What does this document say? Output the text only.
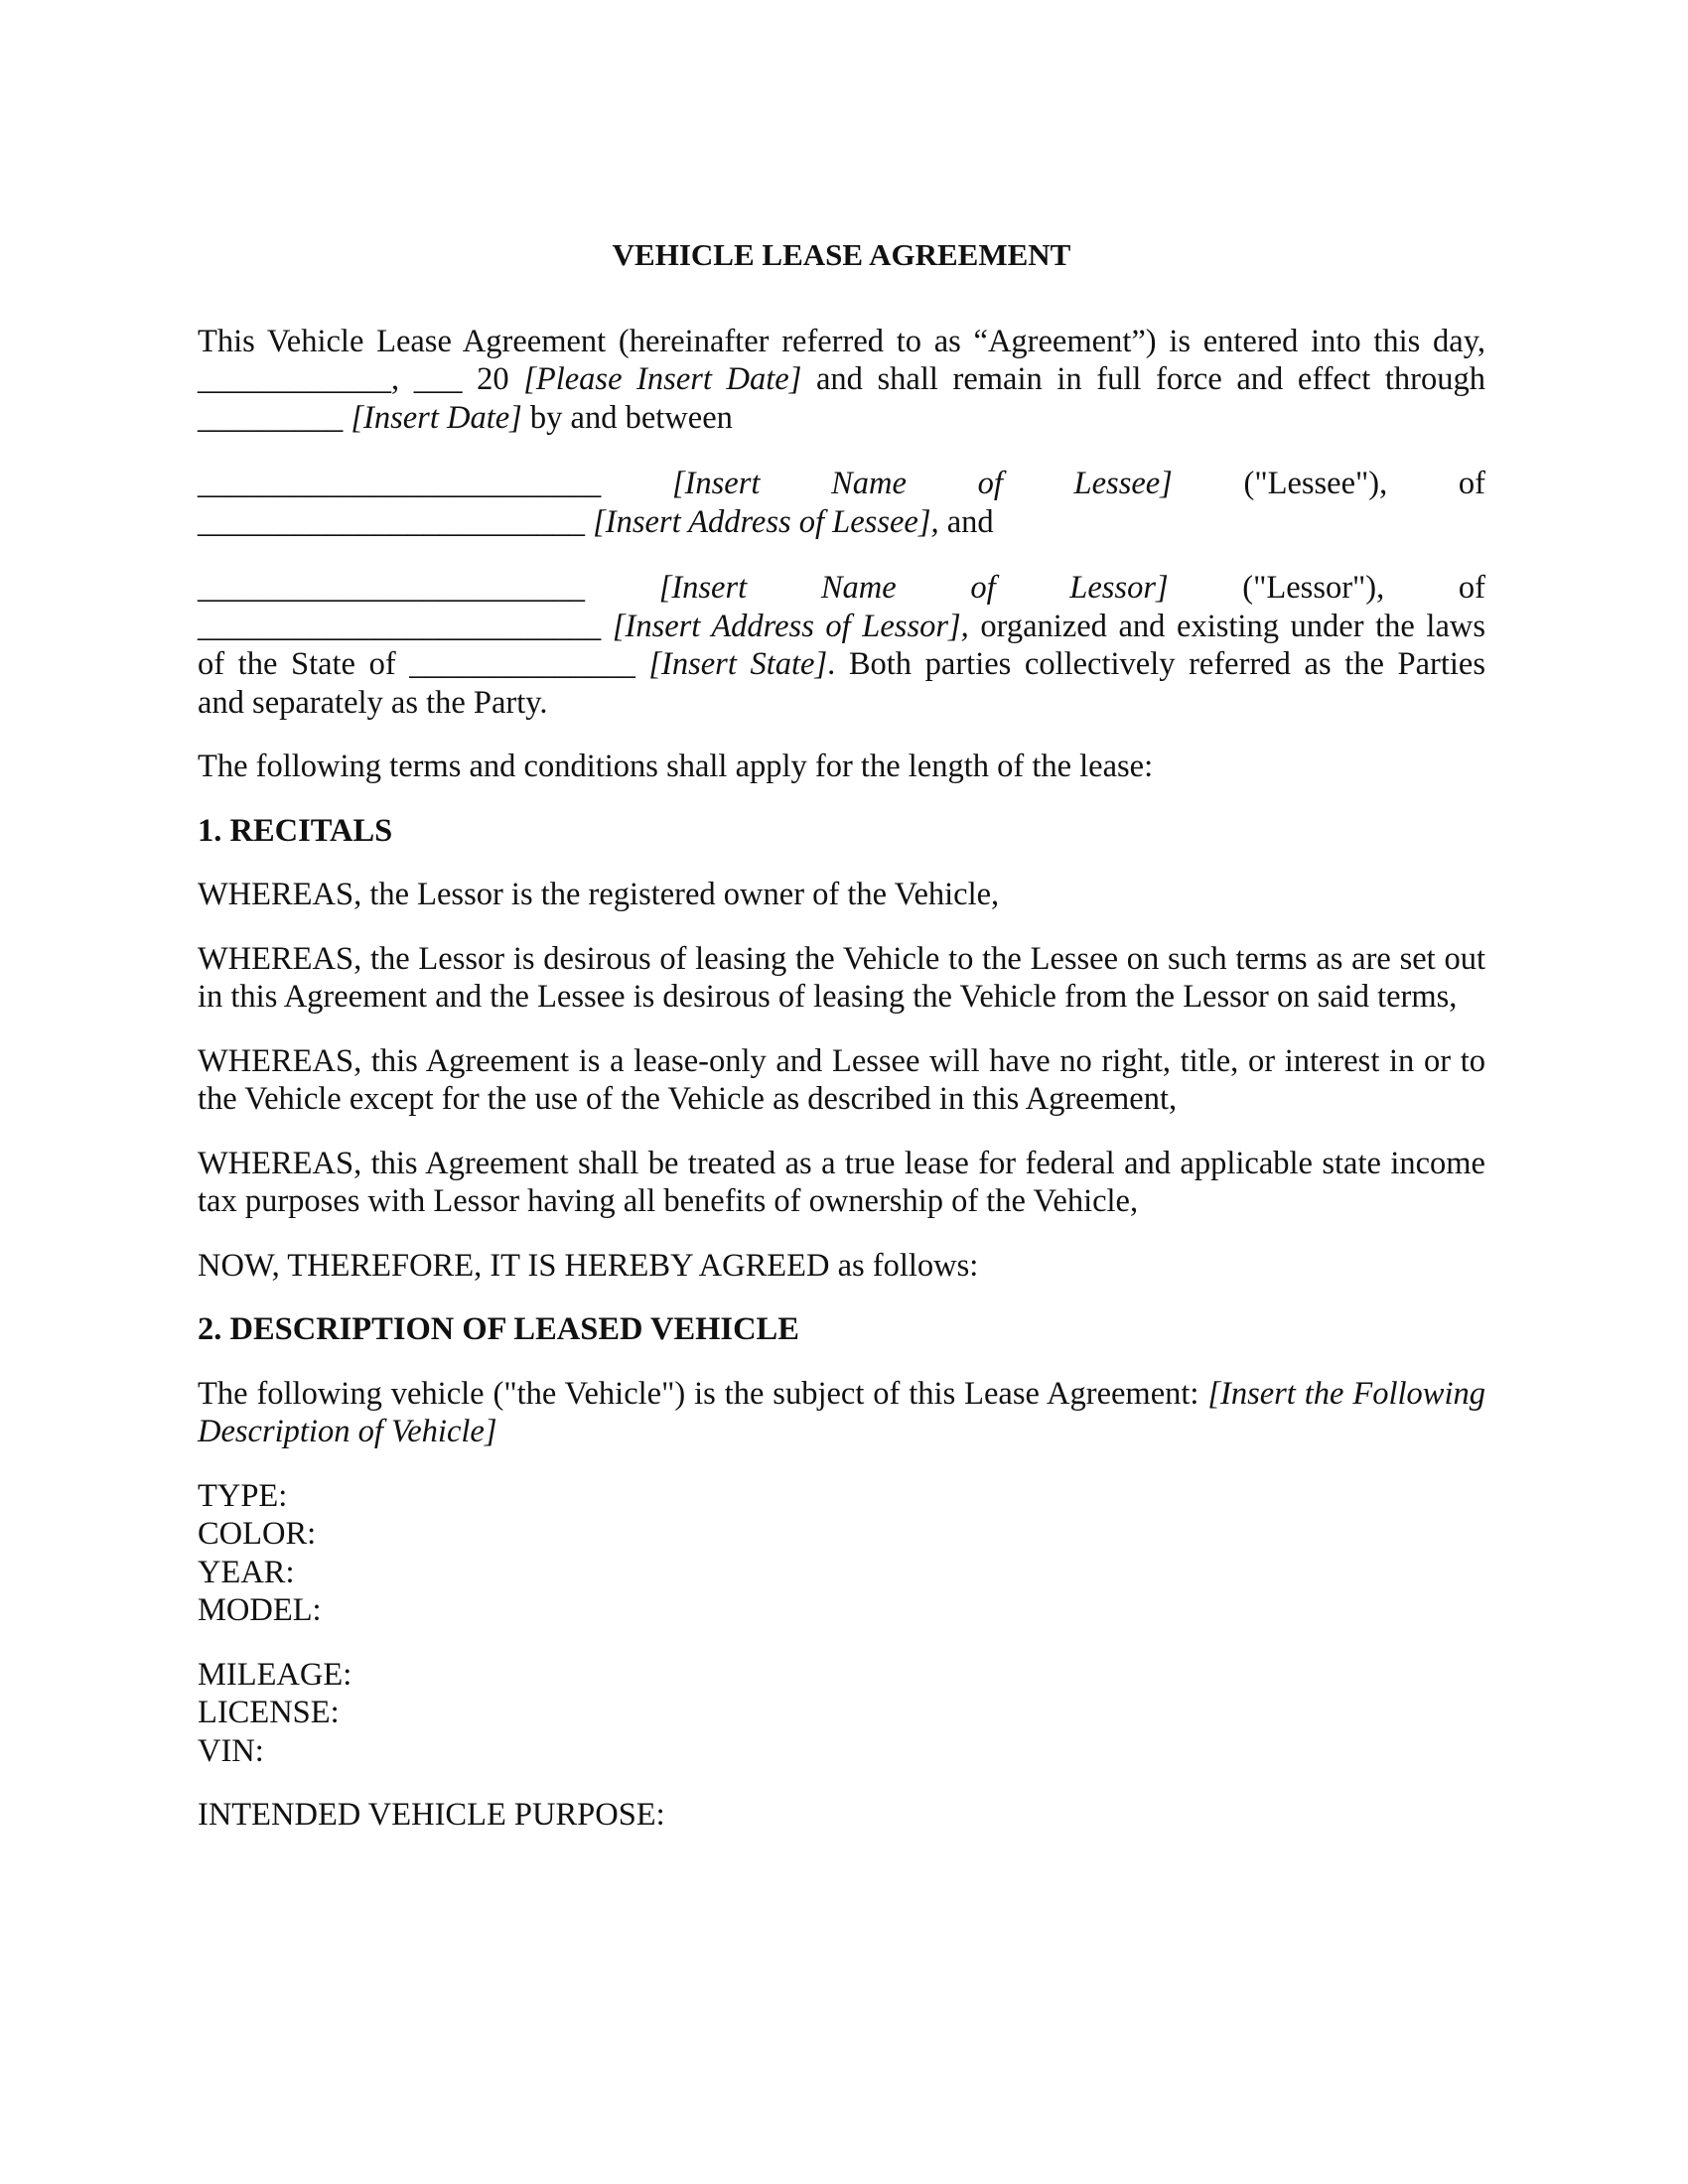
VEHICLE LEASE AGREEMENT

This Vehicle Lease Agreement (hereinafter referred to as “Agreement”) is entered into this day,

____________, ___ 20 [Please Insert Date] and shall remain in full force and effect through

_________ [Insert Date] by and between

_________________________ [Insert Name of Lessee] ("Lessee"), of

________________________ [Insert Address of Lessee], and

________________________ [Insert Name of Lessor] ("Lessor"), of

_________________________ [Insert Address of Lessor], organized and existing under the laws

of the State of ______________ [Insert State]. Both parties collectively referred as the Parties

and separately as the Party.

The following terms and conditions shall apply for the length of the lease:

1. RECITALS

WHEREAS, the Lessor is the registered owner of the Vehicle,

WHEREAS, the Lessor is desirous of leasing the Vehicle to the Lessee on such terms as are set out in this Agreement and the Lessee is desirous of leasing the Vehicle from the Lessor on said terms,

WHEREAS, this Agreement is a lease-only and Lessee will have no right, title, or interest in or to the Vehicle except for the use of the Vehicle as described in this Agreement,

WHEREAS, this Agreement shall be treated as a true lease for federal and applicable state income tax purposes with Lessor having all benefits of ownership of the Vehicle,

NOW, THEREFORE, IT IS HEREBY AGREED as follows:

2. DESCRIPTION OF LEASED VEHICLE

The following vehicle ("the Vehicle") is the subject of this Lease Agreement: [Insert the Following Description of Vehicle]

TYPE:
COLOR:
YEAR:
MODEL:
MILEAGE:
LICENSE:
VIN:

INTENDED VEHICLE PURPOSE:
